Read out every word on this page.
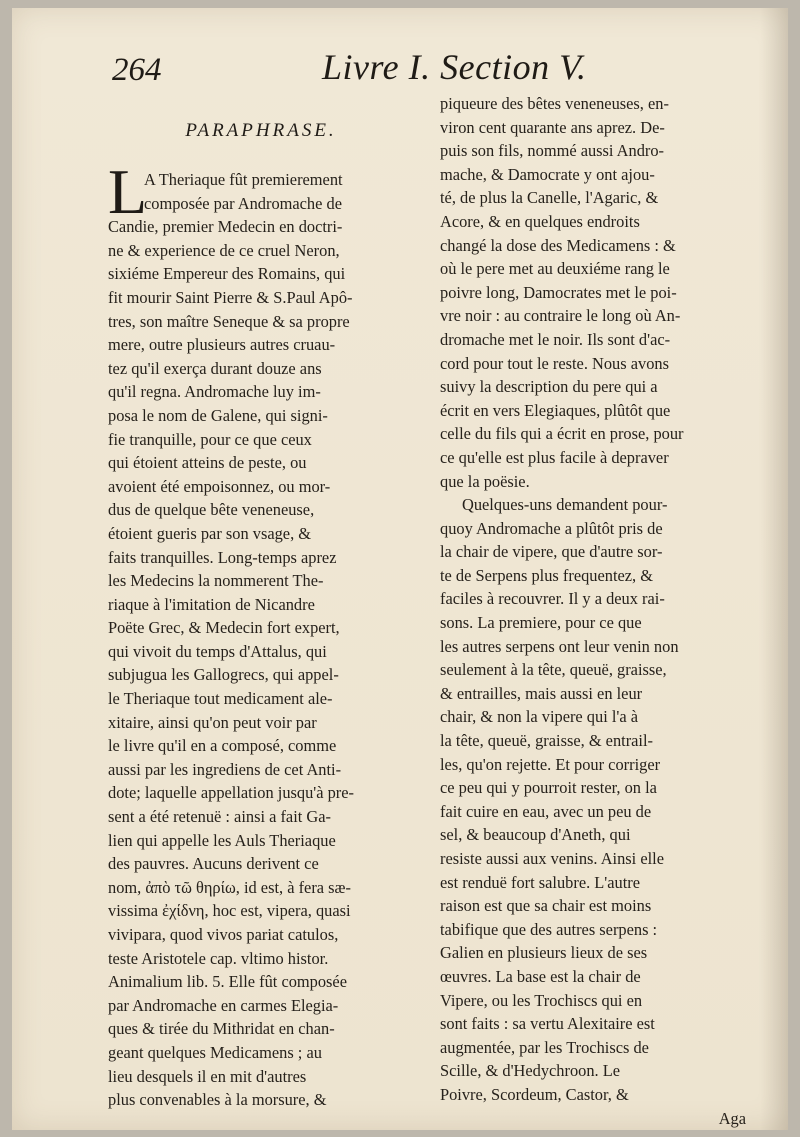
264	Livre I. Section V.
PARAPHRASE.
L
A Theriaque fût premierement
composée par Andromache de
Candie, premier Medecin en doctri-
ne & experience de ce cruel Neron,
sixiéme Empereur des Romains, qui
fit mourir Saint Pierre & S.Paul Apô-
tres, son maître Seneque & sa propre
mere, outre plusieurs autres cruau-
tez qu'il exerça durant douze ans
qu'il regna. Andromache luy im-
posa le nom de Galene, qui signi-
fie tranquille, pour ce que ceux
qui étoient atteins de peste, ou
avoient été empoisonnez, ou mor-
dus de quelque bête veneneuse,
étoient gueris par son vsage, &
faits tranquilles. Long-temps aprez
les Medecins la nommerent The-
riaque à l'imitation de Nicandre
Poëte Grec, & Medecin fort expert,
qui vivoit du temps d'Attalus, qui
subjugua les Gallogrecs, qui appel-
le Theriaque tout medicament ale-
xitaire, ainsi qu'on peut voir par
le livre qu'il en a composé, comme
aussi par les ingrediens de cet Anti-
dote; laquelle appellation jusqu'à pre-
sent a été retenuë : ainsi a fait Ga-
lien qui appelle les Auls Theriaque
des pauvres. Aucuns derivent ce
nom, ἀπὸ τῶ θηρίω, id est, à fera sæ-
vissima ἐχίδνη, hoc est, vipera, quasi
vivipara, quod vivos pariat catulos,
teste Aristotele cap. vltimo histor.
Animalium lib. 5. Elle fût composée
par Andromache en carmes Elegia-
ques & tirée du Mithridat en chan-
geant quelques Medicamens ; au
lieu desquels il en mit d'autres
plus convenables à la morsure, &
piqueure des bêtes veneneuses, en-
viron cent quarante ans aprez. De-
puis son fils, nommé aussi Andro-
mache, & Damocrate y ont ajou-
té, de plus la Canelle, l'Agaric, &
Acore, & en quelques endroits
changé la dose des Medicamens : &
où le pere met au deuxiéme rang le
poivre long, Damocrates met le poi-
vre noir : au contraire le long où An-
dromache met le noir. Ils sont d'ac-
cord pour tout le reste. Nous avons
suivy la description du pere qui a
écrit en vers Elegiaques, plûtôt que
celle du fils qui a écrit en prose, pour
ce qu'elle est plus facile à depraver
que la poësie.
Quelques-uns demandent pour-
quoy Andromache a plûtôt pris de
la chair de vipere, que d'autre sor-
te de Serpens plus frequentez, &
faciles à recouvrer. Il y a deux rai-
sons. La premiere, pour ce que
les autres serpens ont leur venin non
seulement à la tête, queuë, graisse,
& entrailles, mais aussi en leur
chair, & non la vipere qui l'a à
la tête, queuë, graisse, & entrail-
les, qu'on rejette. Et pour corriger
ce peu qui y pourroit rester, on la
fait cuire en eau, avec un peu de
sel, & beaucoup d'Aneth, qui
resiste aussi aux venins. Ainsi elle
est renduë fort salubre. L'autre
raison est que sa chair est moins
tabifique que des autres serpens :
Galien en plusieurs lieux de ses
œuvres. La base est la chair de
Vipere, ou les Trochiscs qui en
sont faits : sa vertu Alexitaire est
augmentée, par les Trochiscs de
Scille, & d'Hedychroon. Le
Poivre, Scordeum, Castor, &
Aga
